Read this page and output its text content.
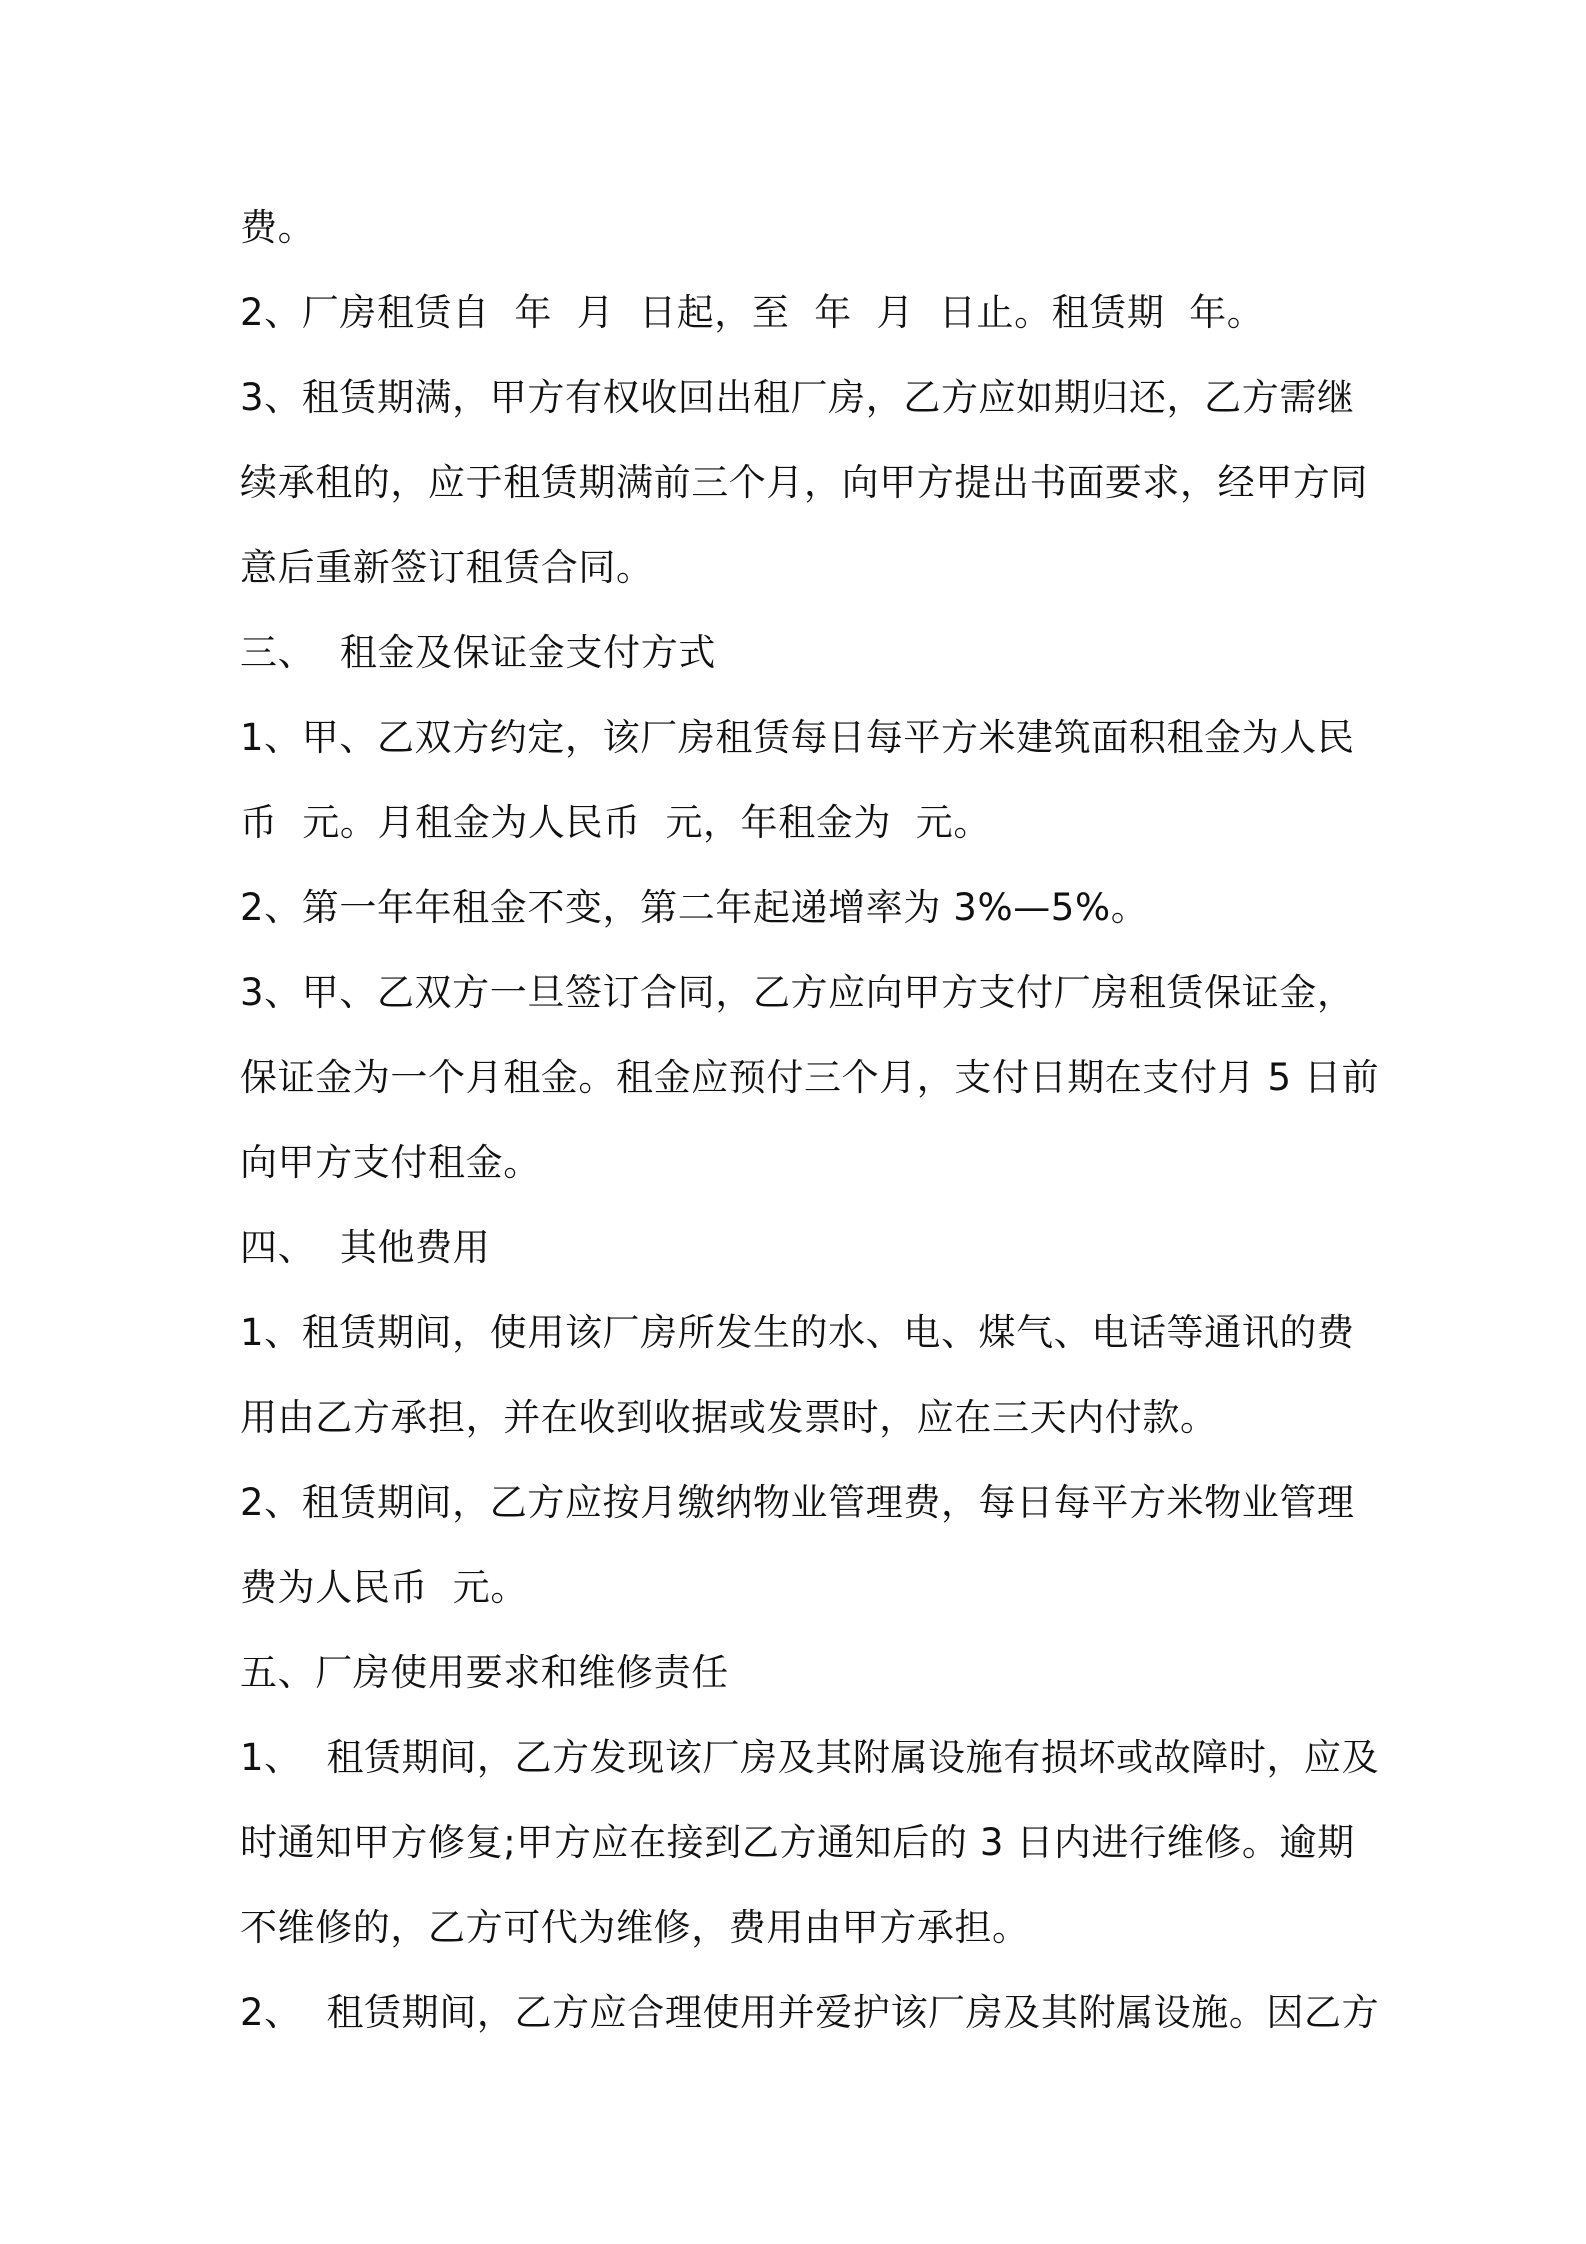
费。

2、厂房租赁自  年  月  日起，至  年  月  日止。租赁期  年。

3、租赁期满，甲方有权收回出租厂房，乙方应如期归还，乙方需继

续承租的，应于租赁期满前三个月，向甲方提出书面要求，经甲方同

意后重新签订租赁合同。

三、  租金及保证金支付方式

1、甲、乙双方约定，该厂房租赁每日每平方米建筑面积租金为人民

币  元。月租金为人民币  元，年租金为  元。

2、第一年年租金不变，第二年起递增率为 3%—5%。

3、甲、乙双方一旦签订合同，乙方应向甲方支付厂房租赁保证金，

保证金为一个月租金。租金应预付三个月，支付日期在支付月 5 日前

向甲方支付租金。

四、  其他费用

1、租赁期间，使用该厂房所发生的水、电、煤气、电话等通讯的费

用由乙方承担，并在收到收据或发票时，应在三天内付款。

2、租赁期间，乙方应按月缴纳物业管理费，每日每平方米物业管理

费为人民币  元。

五、厂房使用要求和维修责任

1、  租赁期间，乙方发现该厂房及其附属设施有损坏或故障时，应及

时通知甲方修复;甲方应在接到乙方通知后的 3 日内进行维修。逾期

不维修的，乙方可代为维修，费用由甲方承担。

2、  租赁期间，乙方应合理使用并爱护该厂房及其附属设施。因乙方
